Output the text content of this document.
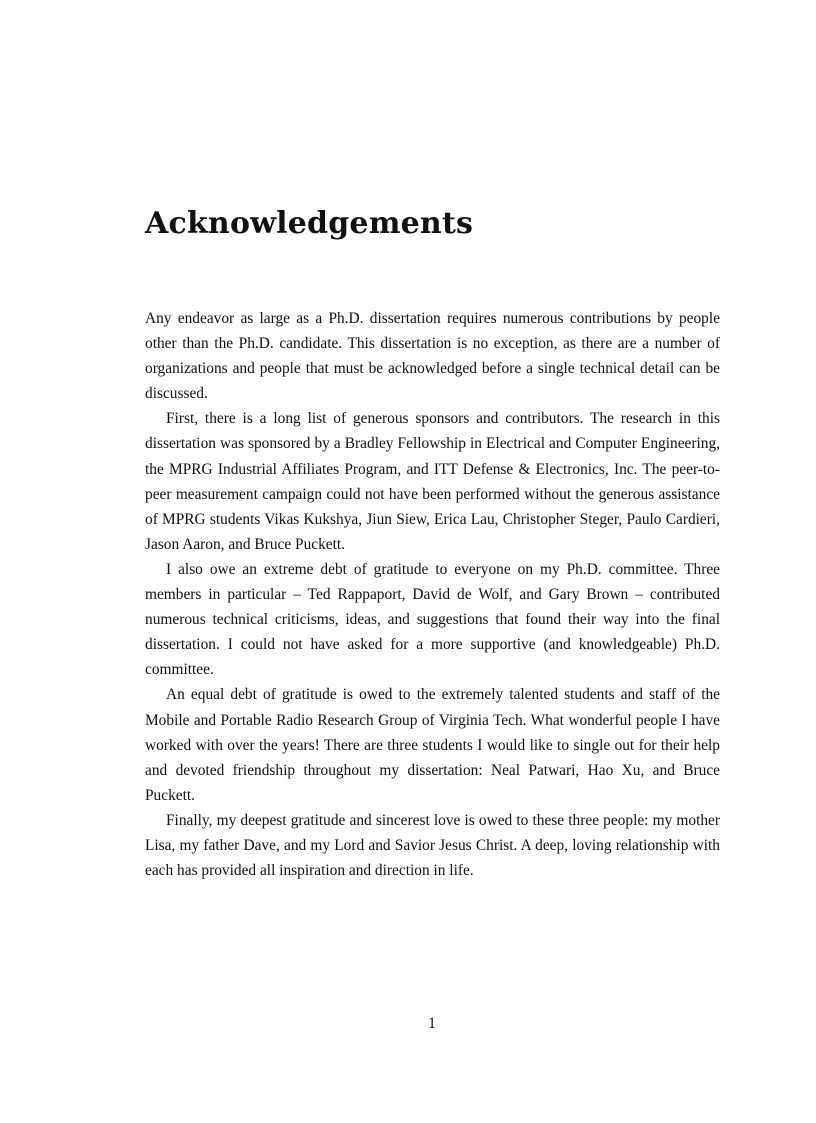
Acknowledgements

Any endeavor as large as a Ph.D. dissertation requires numerous contributions by people other than the Ph.D. candidate. This dissertation is no exception, as there are a number of organizations and people that must be acknowledged before a single technical detail can be discussed.

First, there is a long list of generous sponsors and contributors. The research in this dissertation was sponsored by a Bradley Fellowship in Electrical and Computer Engineering, the MPRG Industrial Affiliates Program, and ITT Defense & Electronics, Inc. The peer-to-peer measurement campaign could not have been performed without the generous assistance of MPRG students Vikas Kukshya, Jiun Siew, Erica Lau, Christopher Steger, Paulo Cardieri, Jason Aaron, and Bruce Puckett.

I also owe an extreme debt of gratitude to everyone on my Ph.D. committee. Three members in particular – Ted Rappaport, David de Wolf, and Gary Brown – contributed numerous technical criticisms, ideas, and suggestions that found their way into the final dissertation. I could not have asked for a more supportive (and knowledgeable) Ph.D. committee.

An equal debt of gratitude is owed to the extremely talented students and staff of the Mobile and Portable Radio Research Group of Virginia Tech. What wonderful people I have worked with over the years! There are three students I would like to single out for their help and devoted friendship throughout my dissertation: Neal Patwari, Hao Xu, and Bruce Puckett.

Finally, my deepest gratitude and sincerest love is owed to these three people: my mother Lisa, my father Dave, and my Lord and Savior Jesus Christ. A deep, loving relationship with each has provided all inspiration and direction in life.

1
